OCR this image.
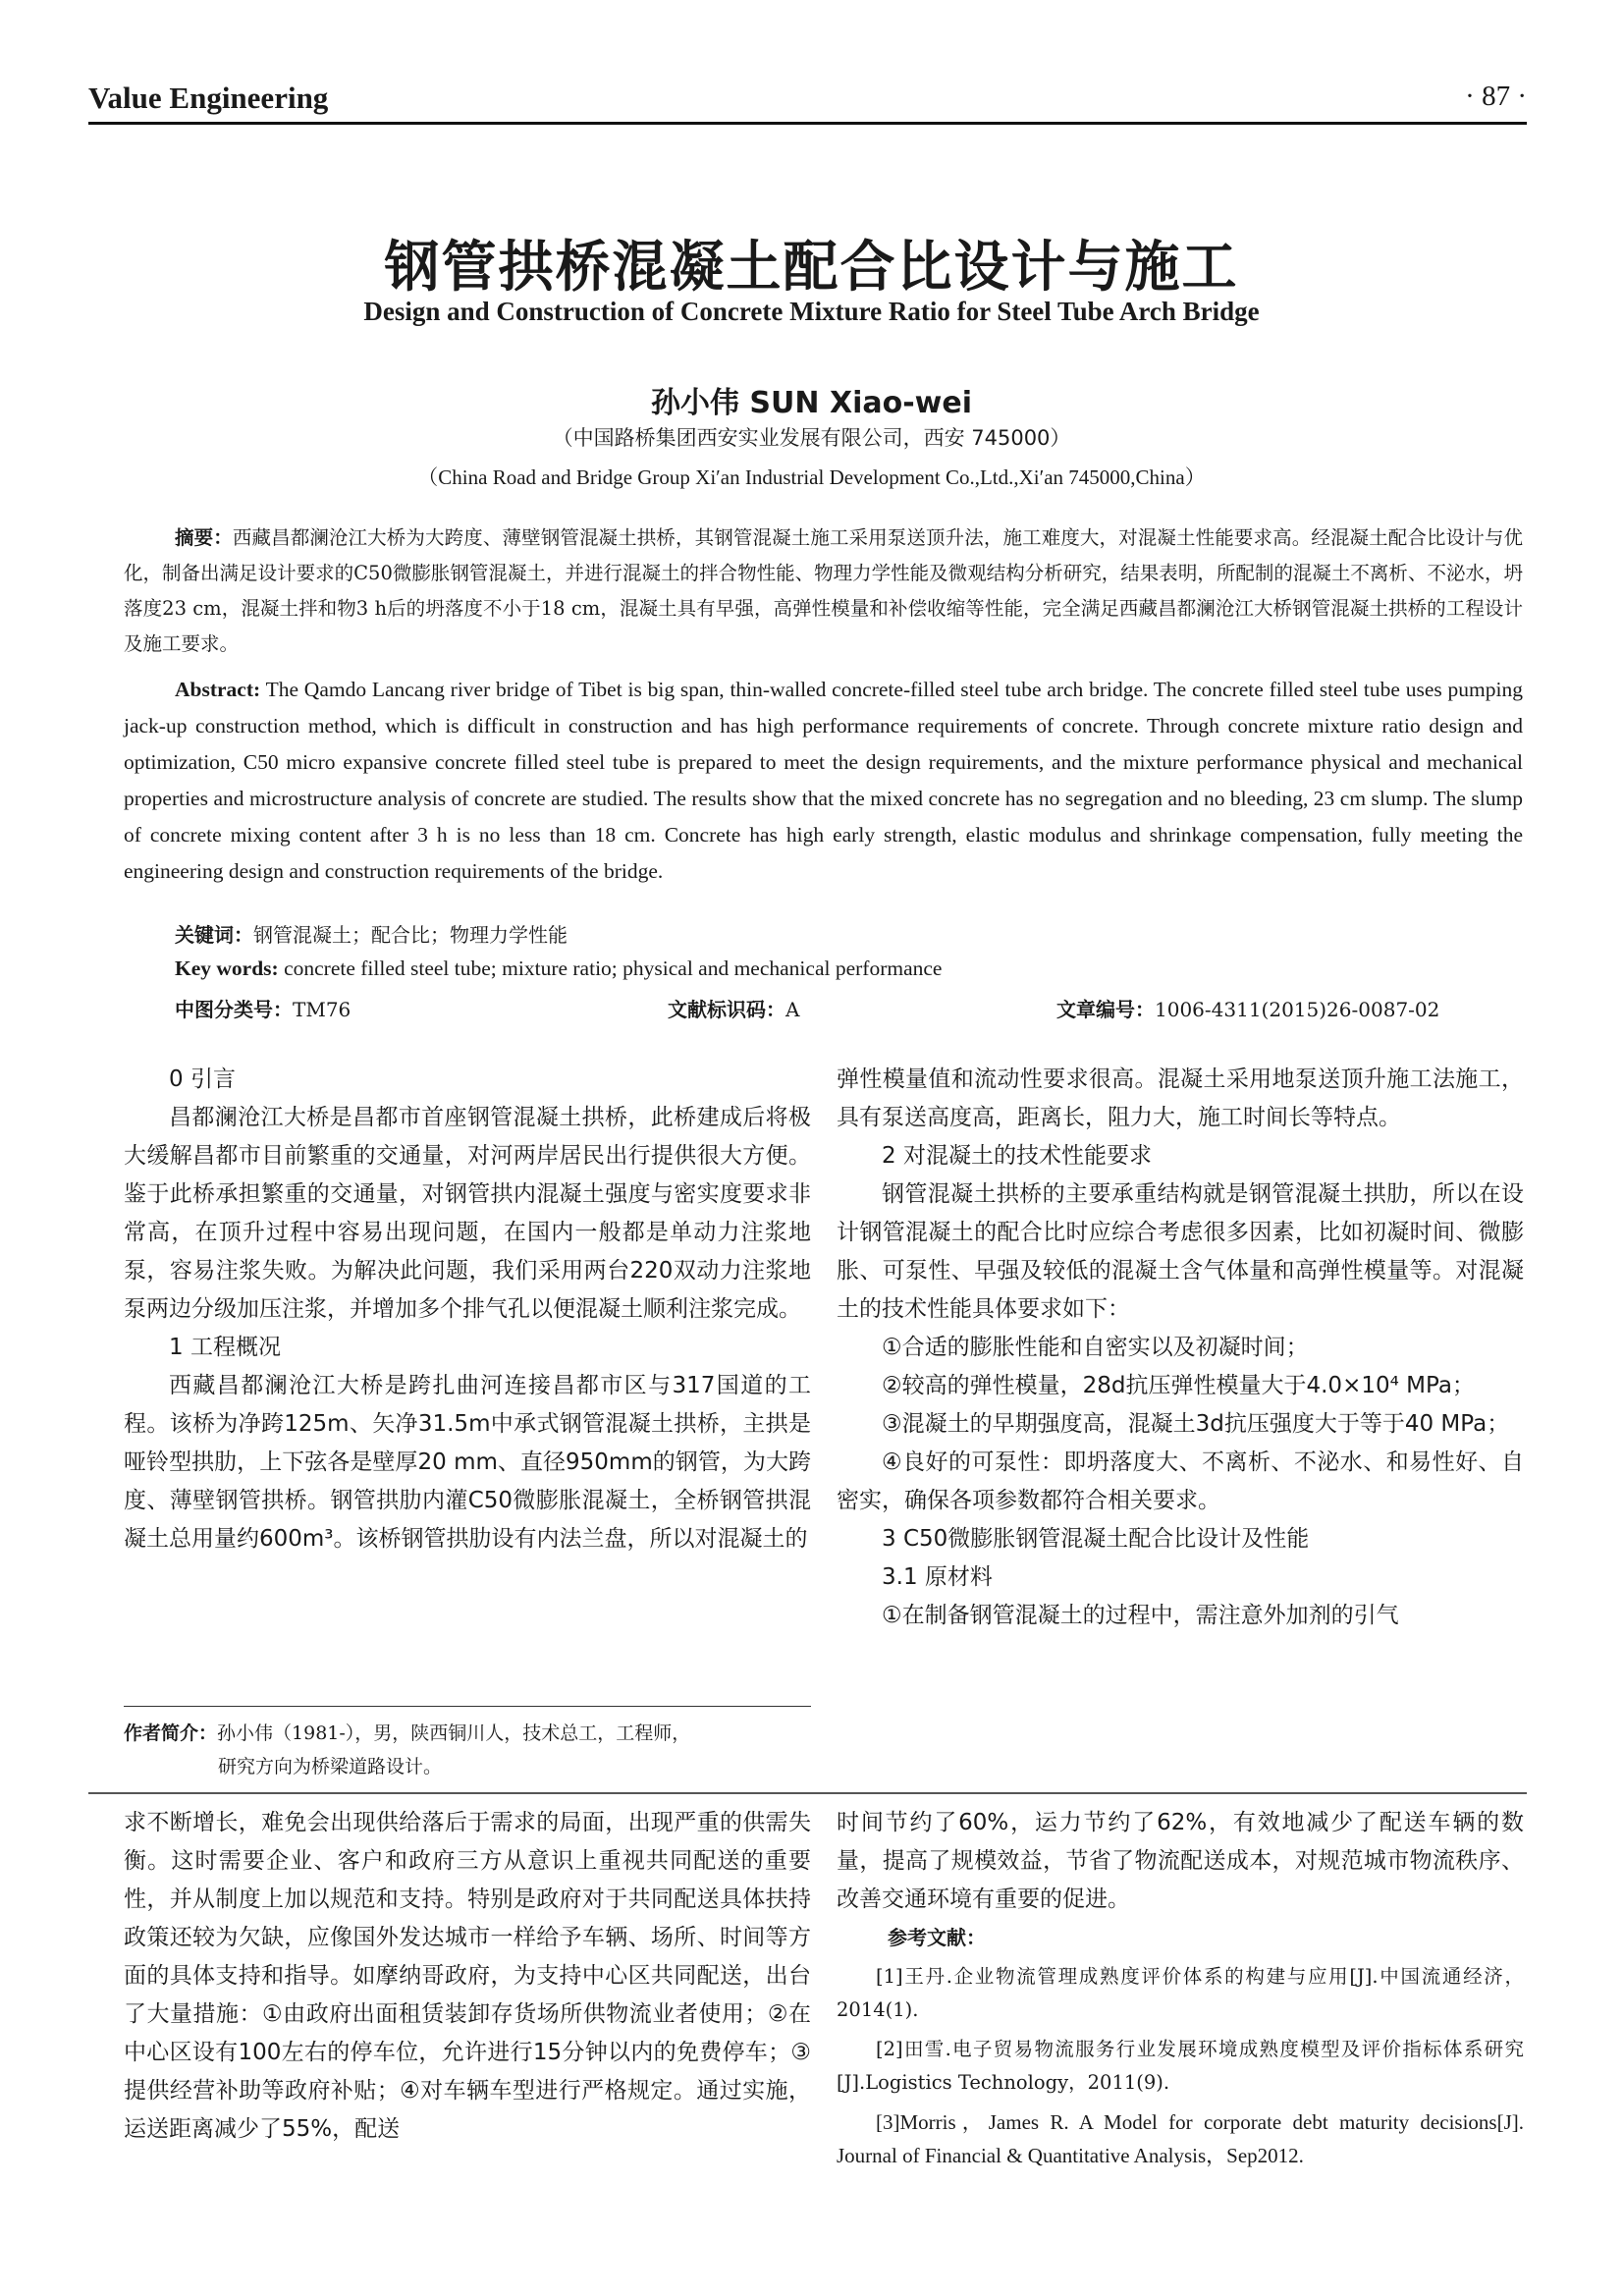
Value Engineering	· 87 ·
钢管拱桥混凝土配合比设计与施工
Design and Construction of Concrete Mixture Ratio for Steel Tube Arch Bridge
孙小伟 SUN Xiao-wei
（中国路桥集团西安实业发展有限公司，西安 745000）
（China Road and Bridge Group Xi′an Industrial Development Co.,Ltd.,Xi′an 745000,China）
摘要：西藏昌都澜沧江大桥为大跨度、薄壁钢管混凝土拱桥，其钢管混凝土施工采用泵送顶升法，施工难度大，对混凝土性能要求高。经混凝土配合比设计与优化，制备出满足设计要求的C50微膨胀钢管混凝土，并进行混凝土的拌合物性能、物理力学性能及微观结构分析研究，结果表明，所配制的混凝土不离析、不泌水，坍落度23 cm，混凝土拌和物3 h后的坍落度不小于18 cm，混凝土具有早强，高弹性模量和补偿收缩等性能，完全满足西藏昌都澜沧江大桥钢管混凝土拱桥的工程设计及施工要求。
Abstract: The Qamdo Lancang river bridge of Tibet is big span, thin-walled concrete-filled steel tube arch bridge. The concrete filled steel tube uses pumping jack-up construction method, which is difficult in construction and has high performance requirements of concrete. Through concrete mixture ratio design and optimization, C50 micro expansive concrete filled steel tube is prepared to meet the design requirements, and the mixture performance physical and mechanical properties and microstructure analysis of concrete are studied. The results show that the mixed concrete has no segregation and no bleeding, 23 cm slump. The slump of concrete mixing content after 3 h is no less than 18 cm. Concrete has high early strength, elastic modulus and shrinkage compensation, fully meeting the engineering design and construction requirements of the bridge.
关键词：钢管混凝土；配合比；物理力学性能
Key words: concrete filled steel tube; mixture ratio; physical and mechanical performance
中图分类号：TM76	文献标识码：A	文章编号：1006-4311(2015)26-0087-02
0 引言

昌都澜沧江大桥是昌都市首座钢管混凝土拱桥，此桥建成后将极大缓解昌都市目前繁重的交通量，对河两岸居民出行提供很大方便。鉴于此桥承担繁重的交通量，对钢管拱内混凝土强度与密实度要求非常高，在顶升过程中容易出现问题，在国内一般都是单动力注浆地泵，容易注浆失败。为解决此问题，我们采用两台220双动力注浆地泵两边分级加压注浆，并增加多个排气孔以便混凝土顺利注浆完成。

1 工程概况

西藏昌都澜沧江大桥是跨扎曲河连接昌都市区与317国道的工程。该桥为净跨125m、矢净31.5m中承式钢管混凝土拱桥，主拱是哑铃型拱肋，上下弦各是壁厚20 mm、直径950mm的钢管，为大跨度、薄壁钢管拱桥。钢管拱肋内灌C50微膨胀混凝土，全桥钢管拱混凝土总用量约600m³。该桥钢管拱肋设有内法兰盘，所以对混凝土的

弹性模量值和流动性要求很高。混凝土采用地泵送顶升施工法施工，具有泵送高度高，距离长，阻力大，施工时间长等特点。

2 对混凝土的技术性能要求

钢管混凝土拱桥的主要承重结构就是钢管混凝土拱肋，所以在设计钢管混凝土的配合比时应综合考虑很多因素，比如初凝时间、微膨胀、可泵性、早强及较低的混凝土含气体量和高弹性模量等。对混凝土的技术性能具体要求如下：

①合适的膨胀性能和自密实以及初凝时间；

②较高的弹性模量，28d抗压弹性模量大于4.0×10⁴ MPa；

③混凝土的早期强度高，混凝土3d抗压强度大于等于40 MPa；

④良好的可泵性：即坍落度大、不离析、不泌水、和易性好、自密实，确保各项参数都符合相关要求。

3 C50微膨胀钢管混凝土配合比设计及性能
3.1 原材料

①在制备钢管混凝土的过程中，需注意外加剂的引气

作者简介：孙小伟（1981-），男，陕西铜川人，技术总工，工程师，
研究方向为桥梁道路设计。

求不断增长，难免会出现供给落后于需求的局面，出现严重的供需失衡。这时需要企业、客户和政府三方从意识上重视共同配送的重要性，并从制度上加以规范和支持。特别是政府对于共同配送具体扶持政策还较为欠缺，应像国外发达城市一样给予车辆、场所、时间等方面的具体支持和指导。如摩纳哥政府，为支持中心区共同配送，出台了大量措施：①由政府出面租赁装卸存货场所供物流业者使用；②在中心区设有100左右的停车位，允许进行15分钟以内的免费停车；③提供经营补助等政府补贴；④对车辆车型进行严格规定。通过实施，运送距离减少了55%，配送

时间节约了60%，运力节约了62%，有效地减少了配送车辆的数量，提高了规模效益，节省了物流配送成本，对规范城市物流秩序、改善交通环境有重要的促进。

参考文献：
[1]王丹.企业物流管理成熟度评价体系的构建与应用[J].中国流通经济，2014(1).
[2]田雪.电子贸易物流服务行业发展环境成熟度模型及评价指标体系研究[J].Logistics Technology，2011(9).
[3]Morris，James R. A Model for corporate debt maturity decisions[J]. Journal of Financial & Quantitative Analysis，Sep2012.
